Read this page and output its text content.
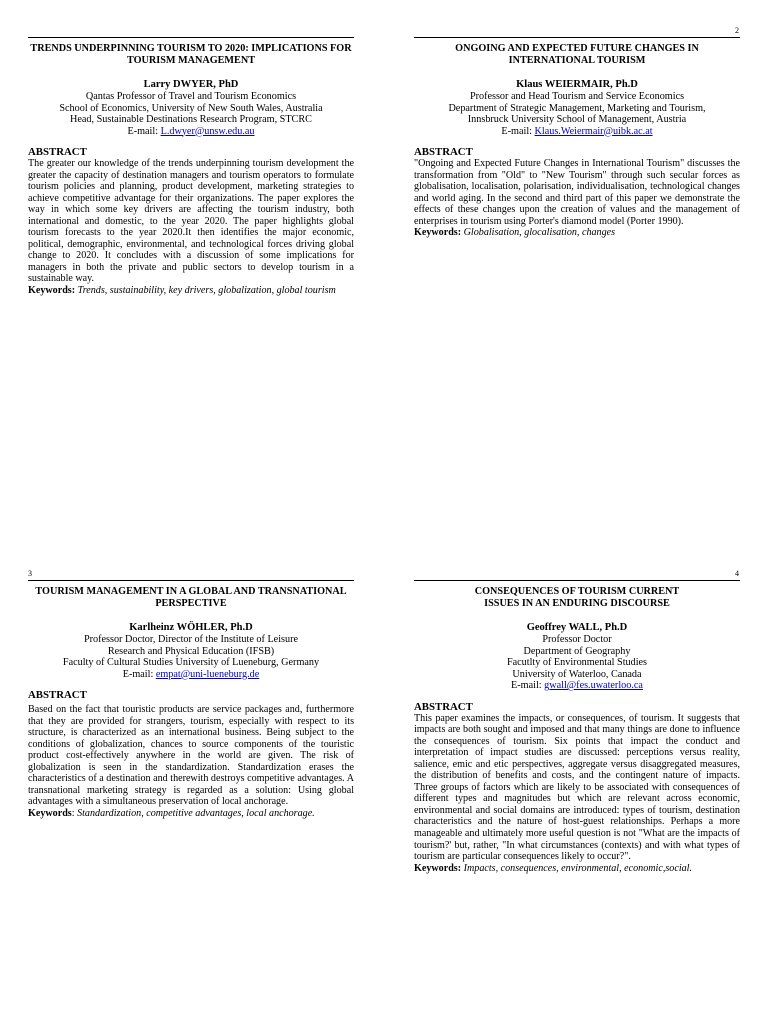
TRENDS UNDERPINNING TOURISM TO 2020: IMPLICATIONS FOR TOURISM MANAGEMENT
Larry DWYER, PhD
Qantas Professor of Travel and Tourism Economics
School of Economics, University of New South Wales, Australia
Head, Sustainable Destinations Research Program, STCRC
E-mail: L.dwyer@unsw.edu.au
ABSTRACT
The greater our knowledge of the trends underpinning tourism development the greater the capacity of destination managers and tourism operators to formulate tourism policies and planning, product development, marketing strategies to achieve competitive advantage for their organizations. The paper explores the way in which some key drivers are affecting the tourism industry, both international and domestic, to the year 2020. The paper highlights global tourism forecasts to the year 2020.It then identifies the major economic, political, demographic, environmental, and technological forces driving global change to 2020. It concludes with a discussion of some implications for managers in both the private and public sectors to develop tourism in a sustainable way.
Keywords: Trends, sustainability, key drivers, globalization, global tourism
2
ONGOING AND EXPECTED FUTURE CHANGES IN INTERNATIONAL TOURISM
Klaus WEIERMAIR, Ph.D
Professor and Head Tourism and Service Economics
Department of Strategic Management, Marketing and Tourism,
Innsbruck University School of Management, Austria
E-mail: Klaus.Weiermair@uibk.ac.at
ABSTRACT
"Ongoing and Expected Future Changes in International Tourism" discusses the transformation from "Old" to "New Tourism" through such secular forces as globalisation, localisation, polarisation, individualisation, technological changes and world aging. In the second and third part of this paper we demonstrate the effects of these changes upon the creation of values and the management of enterprises in tourism using Porter's diamond model (Porter 1990).
Keywords: Globalisation, glocalisation, changes
3
TOURISM MANAGEMENT IN A GLOBAL AND TRANSNATIONAL PERSPECTIVE
Karlheinz WÖHLER, Ph.D
Professor Doctor, Director of the Institute of Leisure
Research and Physical Education (IFSB)
Faculty of Cultural Studies University of Lueneburg, Germany
E-mail: empat@uni-lueneburg.de
ABSTRACT
Based on the fact that touristic products are service packages and, furthermore that they are provided for strangers, tourism, especially with respect to its structure, is characterized as an international business. Being subject to the conditions of globalization, chances to source components of the touristic product cost-effectively anywhere in the world are given. The risk of globalization is seen in the standardization. Standardization erases the characteristics of a destination and therewith destroys competitive advantages. A transnational marketing strategy is regarded as a solution: Using global advantages with a simultaneous preservation of local anchorage.
Keywords: Standardization, competitive advantages, local anchorage.
4
CONSEQUENCES OF TOURISM CURRENT ISSUES IN AN ENDURING DISCOURSE
Geoffrey WALL, Ph.D
Professor Doctor
Department of Geography
Facutlty of Environmental Studies
University of Waterloo, Canada
E-mail: gwall@fes.uwaterloo.ca
ABSTRACT
This paper examines the impacts, or consequences, of tourism. It suggests that impacts are both sought and imposed and that many things are done to influence the consequences of tourism. Six points that impact the conduct and interpretation of impact studies are discussed: perceptions versus reality, salience, emic and etic perspectives, aggregate versus disaggregated measures, the distribution of benefits and costs, and the contingent nature of impacts. Three groups of factors which are likely to be associated with consequences of different types and magnitudes but which are relevant across economic, environmental and social domains are introduced: types of tourism, destination characteristics and the nature of host-guest relationships. Perhaps a more manageable and ultimately more useful question is not "What are the impacts of tourism?' but, rather, "In what circumstances (contexts) and with what types of tourism are particular consequences likely to occur?".
Keywords: Impacts, consequences, environmental, economic,social.
